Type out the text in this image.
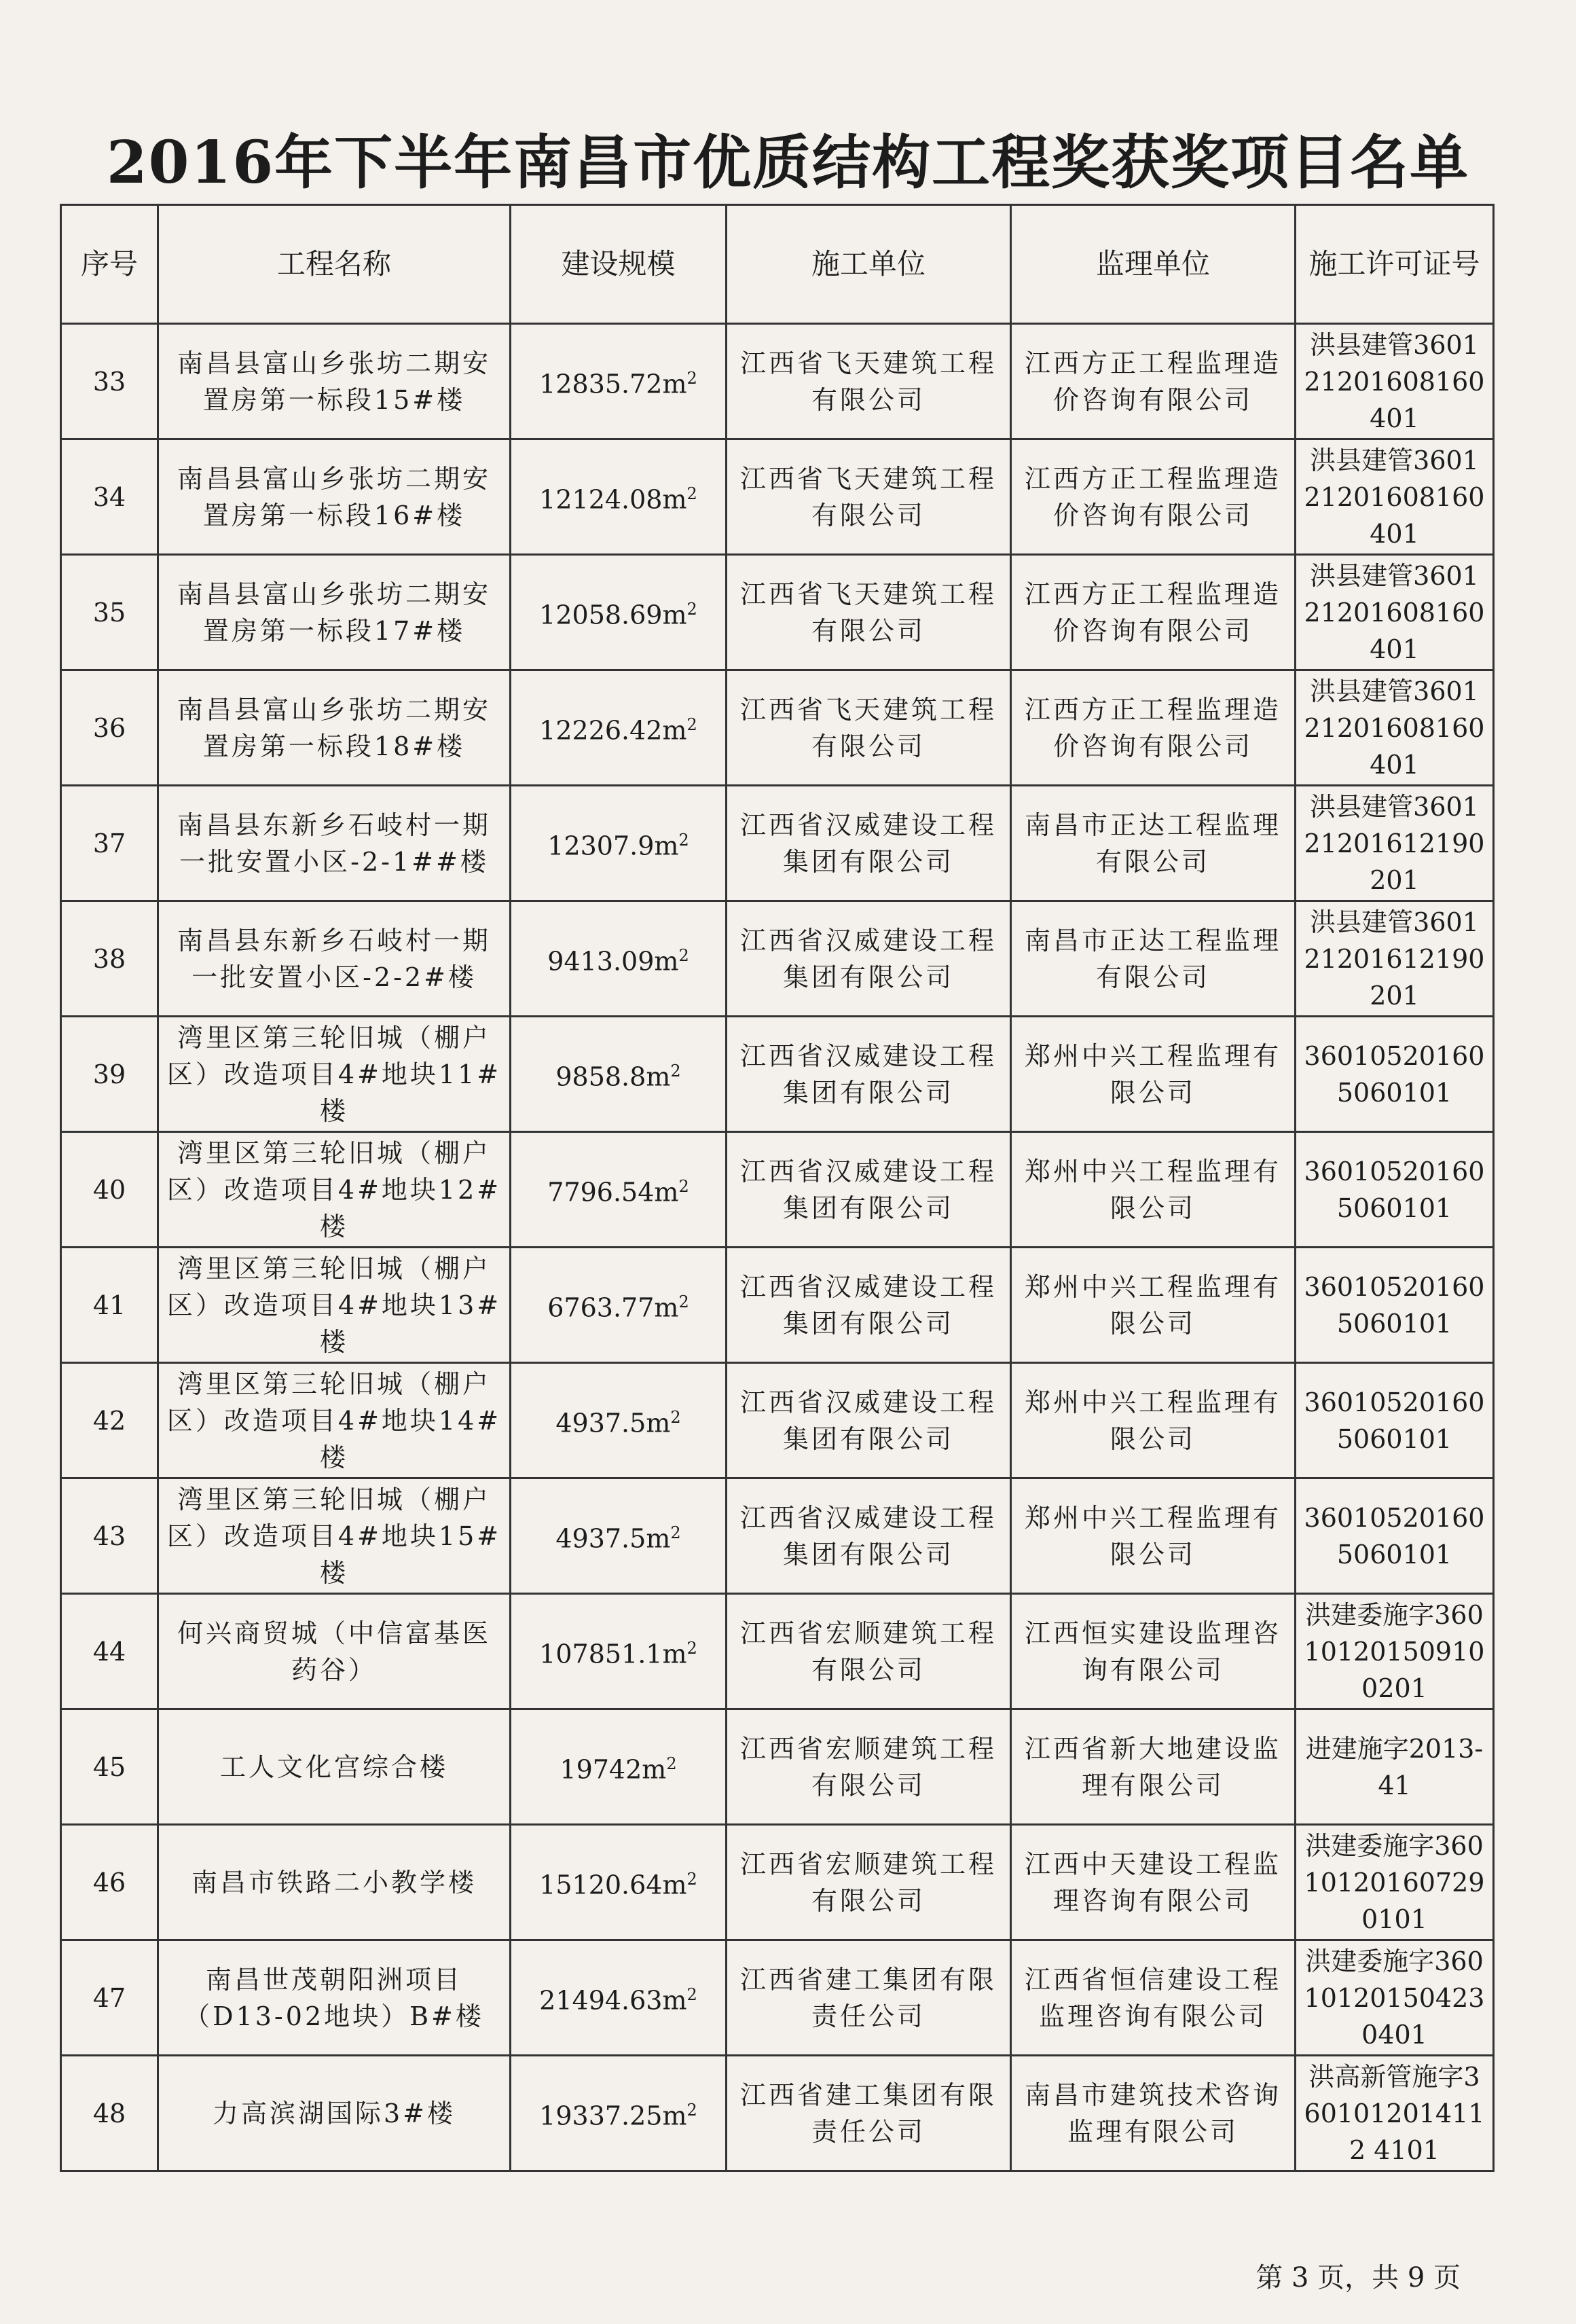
2016年下半年南昌市优质结构工程奖获奖项目名单
序号	工程名称	建设规模	施工单位	监理单位	施工许可证号
33	南昌县富山乡张坊二期安置房第一标段15#楼	$12835.72m^2$	江西省飞天建筑工程有限公司	江西方正工程监理造价咨询有限公司	洪县建管360121201608160401
34	南昌县富山乡张坊二期安置房第一标段16#楼	$12124.08m^2$	江西省飞天建筑工程有限公司	江西方正工程监理造价咨询有限公司	洪县建管360121201608160401
35	南昌县富山乡张坊二期安置房第一标段17#楼	$12058.69m^2$	江西省飞天建筑工程有限公司	江西方正工程监理造价咨询有限公司	洪县建管360121201608160401
36	南昌县富山乡张坊二期安置房第一标段18#楼	$12226.42m^2$	江西省飞天建筑工程有限公司	江西方正工程监理造价咨询有限公司	洪县建管360121201608160401
37	南昌县东新乡石岐村一期一批安置小区-2-1##楼	$12307.9m^2$	江西省汉威建设工程集团有限公司	南昌市正达工程监理有限公司	洪县建管360121201612190201
38	南昌县东新乡石岐村一期一批安置小区-2-2#楼	$9413.09m^2$	江西省汉威建设工程集团有限公司	南昌市正达工程监理有限公司	洪县建管360121201612190201
39	湾里区第三轮旧城（棚户区）改造项目4#地块11#楼	$9858.8m^2$	江西省汉威建设工程集团有限公司	郑州中兴工程监理有限公司	360105201605060101
40	湾里区第三轮旧城（棚户区）改造项目4#地块12#楼	$7796.54m^2$	江西省汉威建设工程集团有限公司	郑州中兴工程监理有限公司	360105201605060101
41	湾里区第三轮旧城（棚户区）改造项目4#地块13#楼	$6763.77m^2$	江西省汉威建设工程集团有限公司	郑州中兴工程监理有限公司	360105201605060101
42	湾里区第三轮旧城（棚户区）改造项目4#地块14#楼	$4937.5m^2$	江西省汉威建设工程集团有限公司	郑州中兴工程监理有限公司	360105201605060101
43	湾里区第三轮旧城（棚户区）改造项目4#地块15#楼	$4937.5m^2$	江西省汉威建设工程集团有限公司	郑州中兴工程监理有限公司	360105201605060101
44	何兴商贸城（中信富基医药谷）	$107851.1m^2$	江西省宏顺建筑工程有限公司	江西恒实建设监理咨询有限公司	洪建委施字360101201509100201
45	工人文化宫综合楼	$19742m^2$	江西省宏顺建筑工程有限公司	江西省新大地建设监理有限公司	进建施字2013-41
46	南昌市铁路二小教学楼	$15120.64m^2$	江西省宏顺建筑工程有限公司	江西中天建设工程监理咨询有限公司	洪建委施字360101201607290101
47	南昌世茂朝阳洲项目（D13-02地块）B#楼	$21494.63m^2$	江西省建工集团有限责任公司	江西省恒信建设工程监理咨询有限公司	洪建委施字360101201504230401
48	力高滨湖国际3#楼	$19337.25m^2$	江西省建工集团有限责任公司	南昌市建筑技术咨询监理有限公司	洪高新管施字3601012014112 4101
第 3 页，共 9 页
